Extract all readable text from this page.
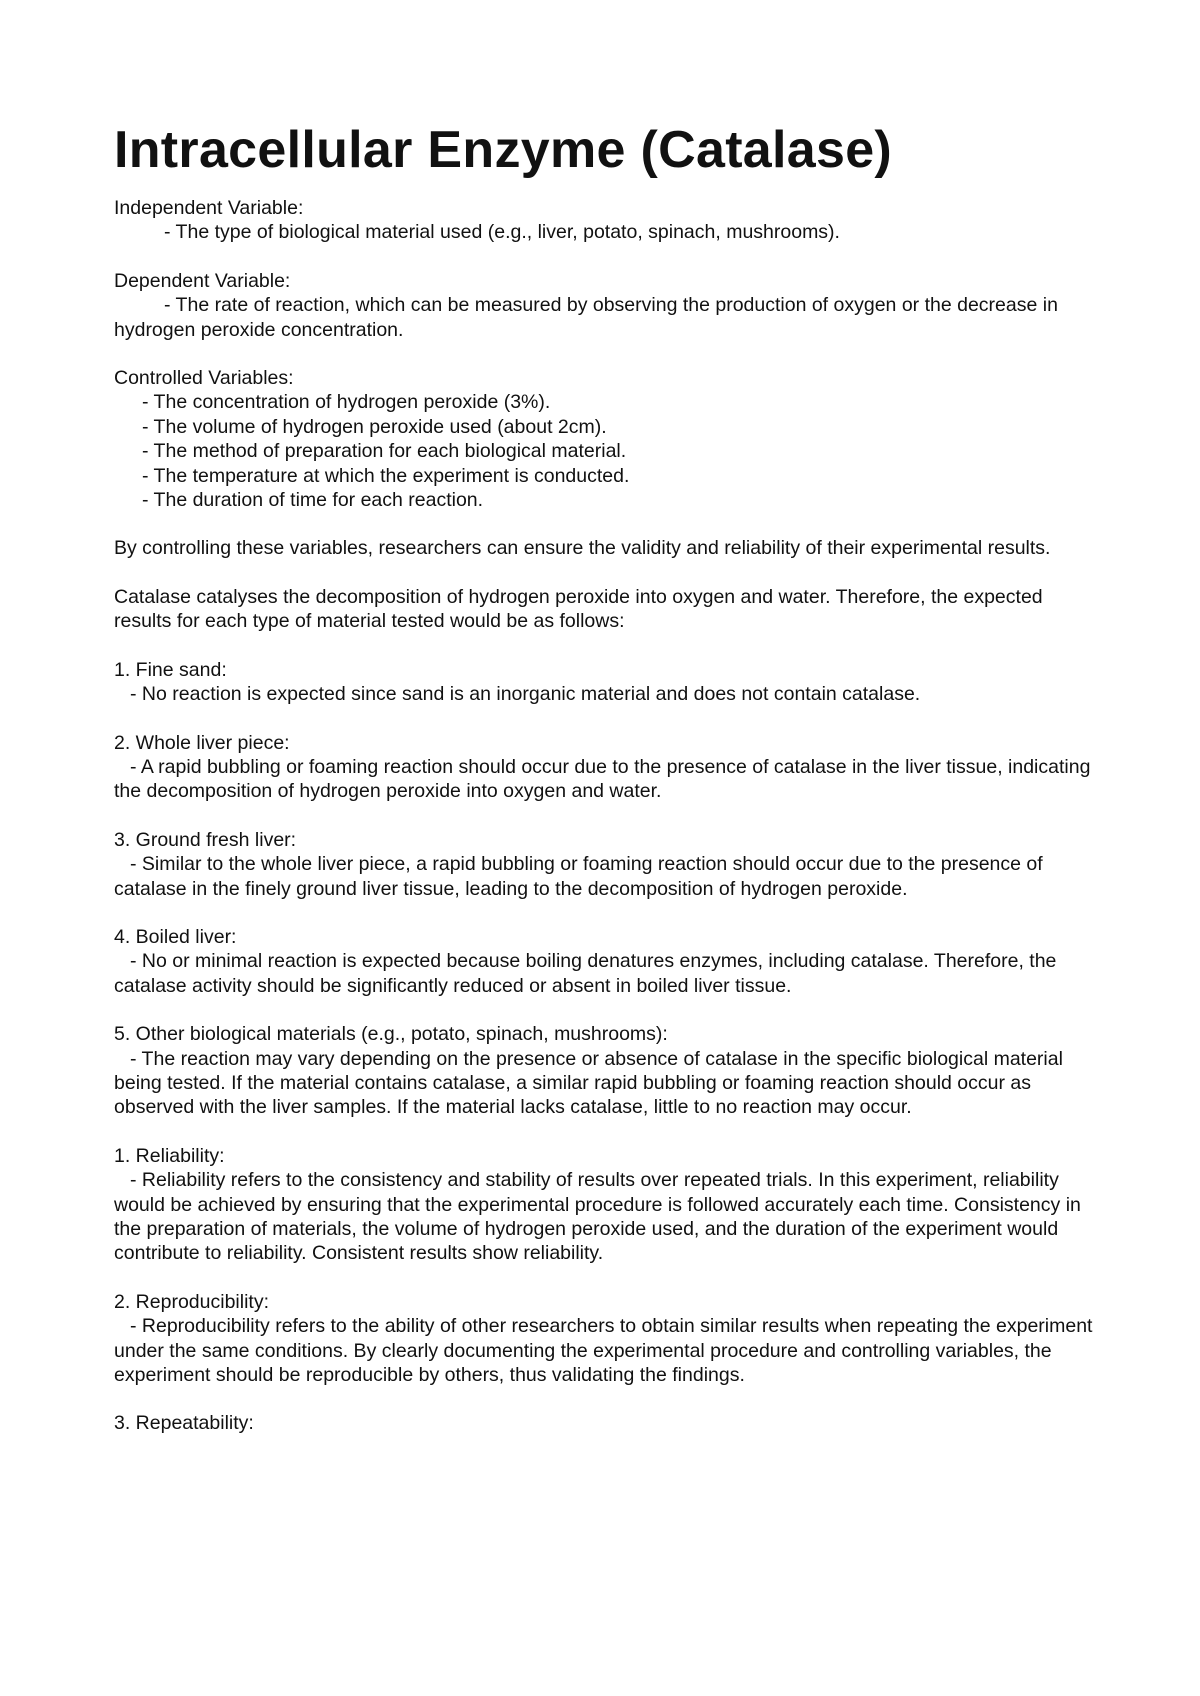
Intracellular Enzyme (Catalase)

Independent Variable:

- The type of biological material used (e.g., liver, potato, spinach, mushrooms).

Dependent Variable:

- The rate of reaction, which can be measured by observing the production of oxygen or the decrease in hydrogen peroxide concentration.

Controlled Variables:

- The concentration of hydrogen peroxide (3%).
- The volume of hydrogen peroxide used (about 2cm).
- The method of preparation for each biological material.
- The temperature at which the experiment is conducted.
- The duration of time for each reaction.

By controlling these variables, researchers can ensure the validity and reliability of their experimental results.

Catalase catalyses the decomposition of hydrogen peroxide into oxygen and water. Therefore, the expected results for each type of material tested would be as follows:

1. Fine sand:

- No reaction is expected since sand is an inorganic material and does not contain catalase.

2. Whole liver piece:

- A rapid bubbling or foaming reaction should occur due to the presence of catalase in the liver tissue, indicating the decomposition of hydrogen peroxide into oxygen and water.

3. Ground fresh liver:

- Similar to the whole liver piece, a rapid bubbling or foaming reaction should occur due to the presence of catalase in the finely ground liver tissue, leading to the decomposition of hydrogen peroxide.

4. Boiled liver:

- No or minimal reaction is expected because boiling denatures enzymes, including catalase. Therefore, the catalase activity should be significantly reduced or absent in boiled liver tissue.

5. Other biological materials (e.g., potato, spinach, mushrooms):

- The reaction may vary depending on the presence or absence of catalase in the specific biological material being tested. If the material contains catalase, a similar rapid bubbling or foaming reaction should occur as observed with the liver samples. If the material lacks catalase, little to no reaction may occur.

1. Reliability:

- Reliability refers to the consistency and stability of results over repeated trials. In this experiment, reliability would be achieved by ensuring that the experimental procedure is followed accurately each time. Consistency in the preparation of materials, the volume of hydrogen peroxide used, and the duration of the experiment would contribute to reliability. Consistent results show reliability.

2. Reproducibility:

- Reproducibility refers to the ability of other researchers to obtain similar results when repeating the experiment under the same conditions. By clearly documenting the experimental procedure and controlling variables, the experiment should be reproducible by others, thus validating the findings.

3. Repeatability:
